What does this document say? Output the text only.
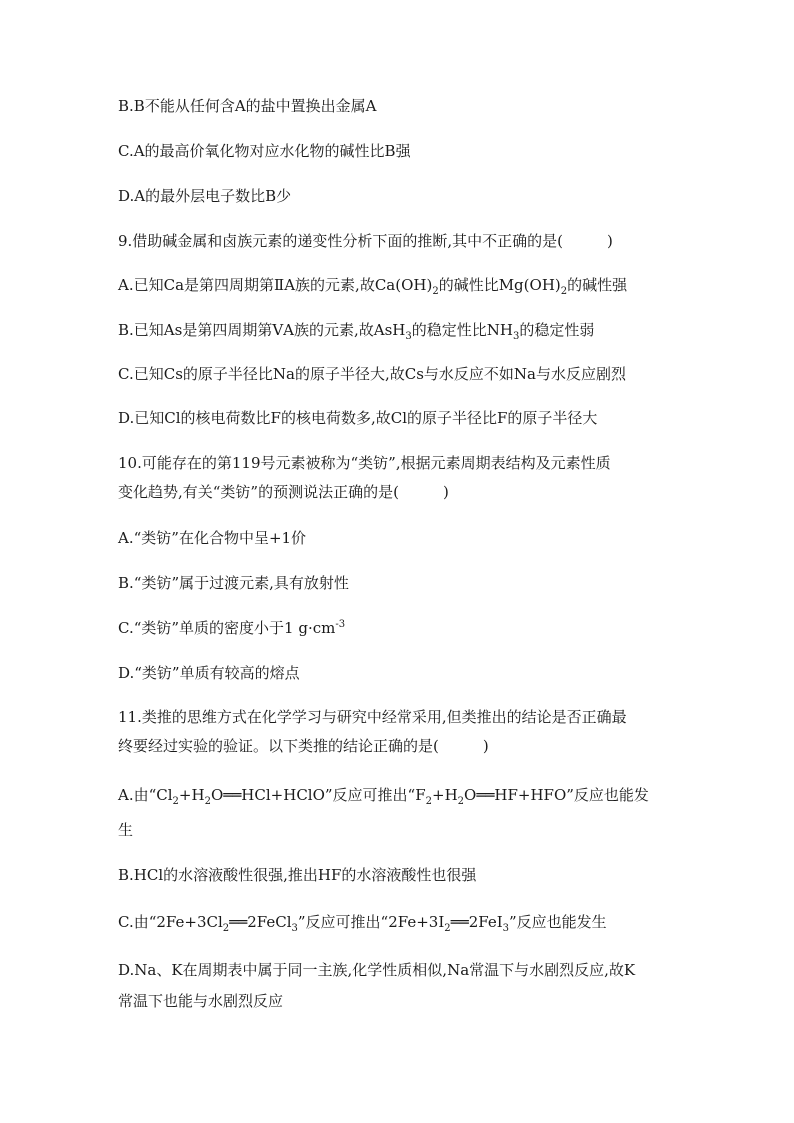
B.B不能从任何含A的盐中置换出金属A
C.A的最高价氧化物对应水化物的碱性比B强
D.A的最外层电子数比B少
9.借助碱金属和卤族元素的递变性分析下面的推断,其中不正确的是(	)
A.已知Ca是第四周期第ⅡA族的元素,故$Ca(OH)_2$的碱性比$Mg(OH)_2$的碱性强
B.已知As是第四周期第ⅤA族的元素,故AsH$_3$的稳定性比$NH_3$的稳定性弱
C.已知Cs的原子半径比Na的原子半径大,故Cs与水反应不如Na与水反应剧烈
D.已知Cl的核电荷数比F的核电荷数多,故Cl的原子半径比F的原子半径大
10.可能存在的第119号元素被称为“类钫”,根据元素周期表结构及元素性质
变化趋势,有关“类钫”的预测说法正确的是(	)
A.“类钫”在化合物中呈+1价
B.“类钫”属于过渡元素,具有放射性
C.“类钫”单质的密度小于1 $g\cdot cm^{-3}$
D.“类钫”单质有较高的熔点
11.类推的思维方式在化学学习与研究中经常采用,但类推出的结论是否正确最
终要经过实验的验证。以下类推的结论正确的是(	)
A.由“$Cl_2+H_2O══HCl+HClO$”反应可推出“$F_2+H_2O══HF+HFO$”反应也能发
生
B.HCl的水溶液酸性很强,推出HF的水溶液酸性也很强
C.由“$2Fe+3Cl_2══2FeCl_3$”反应可推出“$2Fe+3I_2══2FeI_3$”反应也能发生
D.Na、K在周期表中属于同一主族,化学性质相似,Na常温下与水剧烈反应,故K
常温下也能与水剧烈反应
